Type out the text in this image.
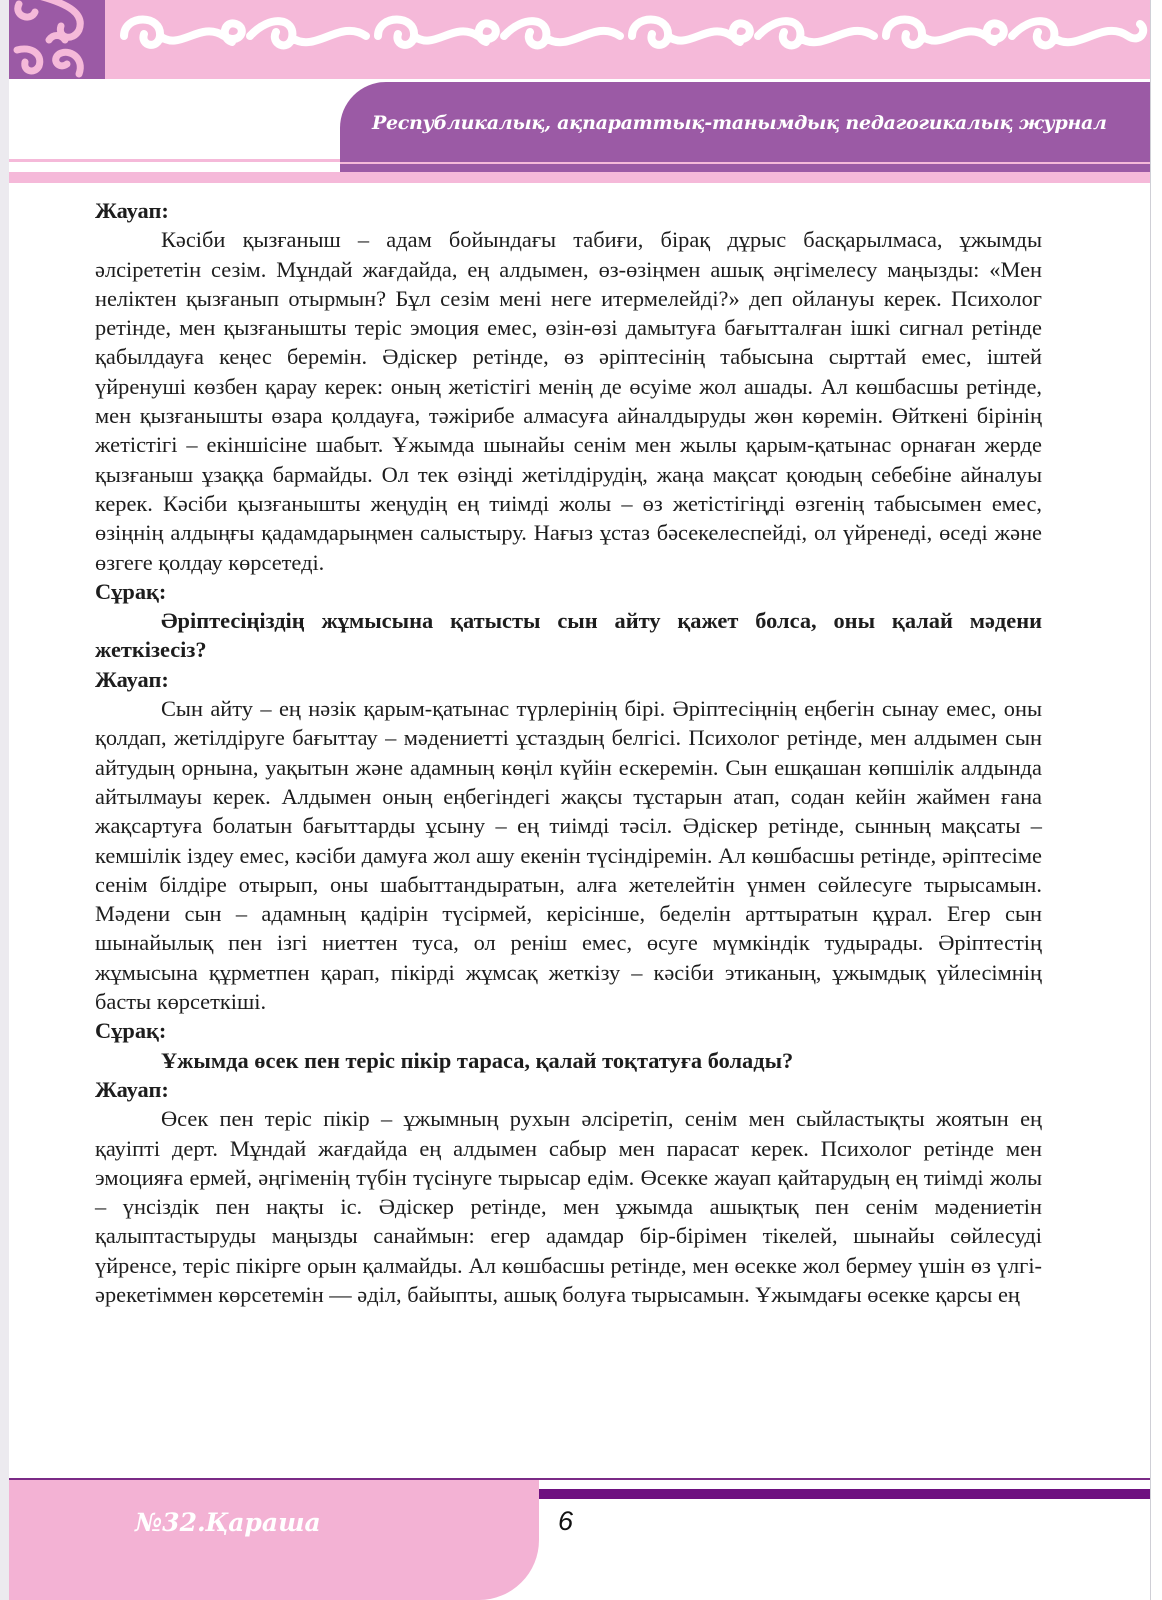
Республикалық, ақпараттық-танымдық педагогикалық журнал
Жауап:

Кәсіби қызғаныш – адам бойындағы табиғи, бірақ дұрыс басқарылмаса, ұжымды әлсірететін сезім. Мұндай жағдайда, ең алдымен, өз-өзіңмен ашық әңгімелесу маңызды: «Мен неліктен қызғанып отырмын? Бұл сезім мені неге итермелейді?» деп ойлануы керек. Психолог ретінде, мен қызғанышты теріс эмоция емес, өзін-өзі дамытуға бағытталған ішкі сигнал ретінде қабылдауға кеңес беремін. Әдіскер ретінде, өз әріптесінің табысына сырттай емес, іштей үйренуші көзбен қарау керек: оның жетістігі менің де өсуіме жол ашады. Ал көшбасшы ретінде, мен қызғанышты өзара қолдауға, тәжірибе алмасуға айналдыруды жөн көремін. Өйткені бірінің жетістігі – екіншісіне шабыт. Ұжымда шынайы сенім мен жылы қарым-қатынас орнаған жерде қызғаныш ұзаққа бармайды. Ол тек өзіңді жетілдірудің, жаңа мақсат қоюдың себебіне айналуы керек. Кәсіби қызғанышты жеңудің ең тиімді жолы – өз жетістігіңді өзгенің табысымен емес, өзіңнің алдыңғы қадамдарыңмен салыстыру. Нағыз ұстаз бәсекелеспейді, ол үйренеді, өседі және өзгеге қолдау көрсетеді.

Сұрақ:

Әріптесіңіздің жұмысына қатысты сын айту қажет болса, оны қалай мәдени жеткізесіз?

Жауап:

Сын айту – ең нәзік қарым-қатынас түрлерінің бірі. Әріптесіңнің еңбегін сынау емес, оны қолдап, жетілдіруге бағыттау – мәдениетті ұстаздың белгісі. Психолог ретінде, мен алдымен сын айтудың орнына, уақытын және адамның көңіл күйін ескеремін. Сын ешқашан көпшілік алдында айтылмауы керек. Алдымен оның еңбегіндегі жақсы тұстарын атап, содан кейін жаймен ғана жақсартуға болатын бағыттарды ұсыну – ең тиімді тәсіл. Әдіскер ретінде, сынның мақсаты – кемшілік іздеу емес, кәсіби дамуға жол ашу екенін түсіндіремін. Ал көшбасшы ретінде, әріптесіме сенім білдіре отырып, оны шабыттандыратын, алға жетелейтін үнмен сөйлесуге тырысамын. Мәдени сын – адамның қадірін түсірмей, керісінше, беделін арттыратын құрал. Егер сын шынайылық пен ізгі ниеттен туса, ол реніш емес, өсуге мүмкіндік тудырады. Әріптестің жұмысына құрметпен қарап, пікірді жұмсақ жеткізу – кәсіби этиканың, ұжымдық үйлесімнің басты көрсеткіші.

Сұрақ:

Ұжымда өсек пен теріс пікір тараса, қалай тоқтатуға болады?

Жауап:

Өсек пен теріс пікір – ұжымның рухын әлсіретіп, сенім мен сыйластықты жоятын ең қауіпті дерт. Мұндай жағдайда ең алдымен сабыр мен парасат керек. Психолог ретінде мен эмоцияға ермей, әңгіменің түбін түсінуге тырысар едім. Өсекке жауап қайтарудың ең тиімді жолы – үнсіздік пен нақты іс. Әдіскер ретінде, мен ұжымда ашықтық пен сенім мәдениетін қалыптастыруды маңызды санаймын: егер адамдар бір-бірімен тікелей, шынайы сөйлесуді үйренсе, теріс пікірге орын қалмайды. Ал көшбасшы ретінде, мен өсекке жол бермеу үшін өз үлгі-әрекетіммен көрсетемін — әділ, байыпты, ашық болуға тырысамын. Ұжымдағы өсекке қарсы ең

№32.Қараша	6
